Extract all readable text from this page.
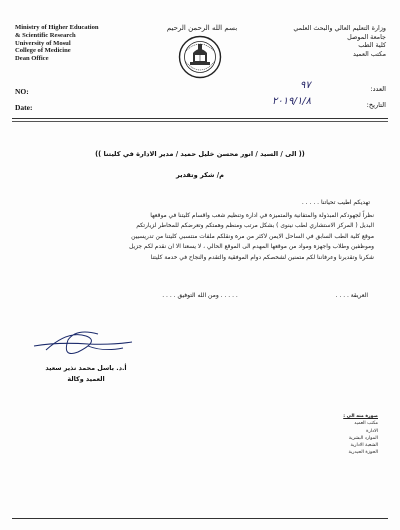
Ministry of Higher Education
& Scientific Research
University of Mosul
College of Medicine
Dean Office
NO:
Date:
بسم الله الرحمن الرحيم	وزارة التعليم العالي والبحث العلمي
جامعة الموصل
كلية الطب
مكتب العميد
العدد:
التاريخ:
٩٧
٢٠١٩/١/٨
(( الى / السيد / انور محسن خليل حميد / مدير الادارة في كليتنا ))
م/ شكر وتقدير
تهديكم اطيب تحياتنا . . . . .
نظراً لجهودكم المبذولة والمتفانية والمتميزة في ادارة وتنظيم شعب واقسام كليتنا في موقعها
البديل ( المركز الاستشاري لطب نينوى ) بشكل مرتب ومنظم وهمتكم وتعرضكم للمخاطر لزيارتكم
موقع كلية الطب السابق في الساحل الايمن لاكثر من مرة ونقلكم ملفات منتسبي كليتنا من تدريسيين
وموظفين وطلاب واجهزة ومواد من موقعها المهدم الى الموقع الحالي ، لا يسعنا الا ان نقدم لكم جزيل
شكرنا وتقديرنا وعرفاننا لكم متمنين لشخصكم دوام الموفقية والتقدم والنجاح في خدمة كليتنا
العريقة . . . .
. . . . . ومن الله التوفيق . . . .
أ.د. باسل محمد نذير سعيد
العميد وكالة
صورة منه الى :
مكتب العميد
الادارة
الموارد البشرية
الشعبة الادارية
الحوزة الحيدرية
